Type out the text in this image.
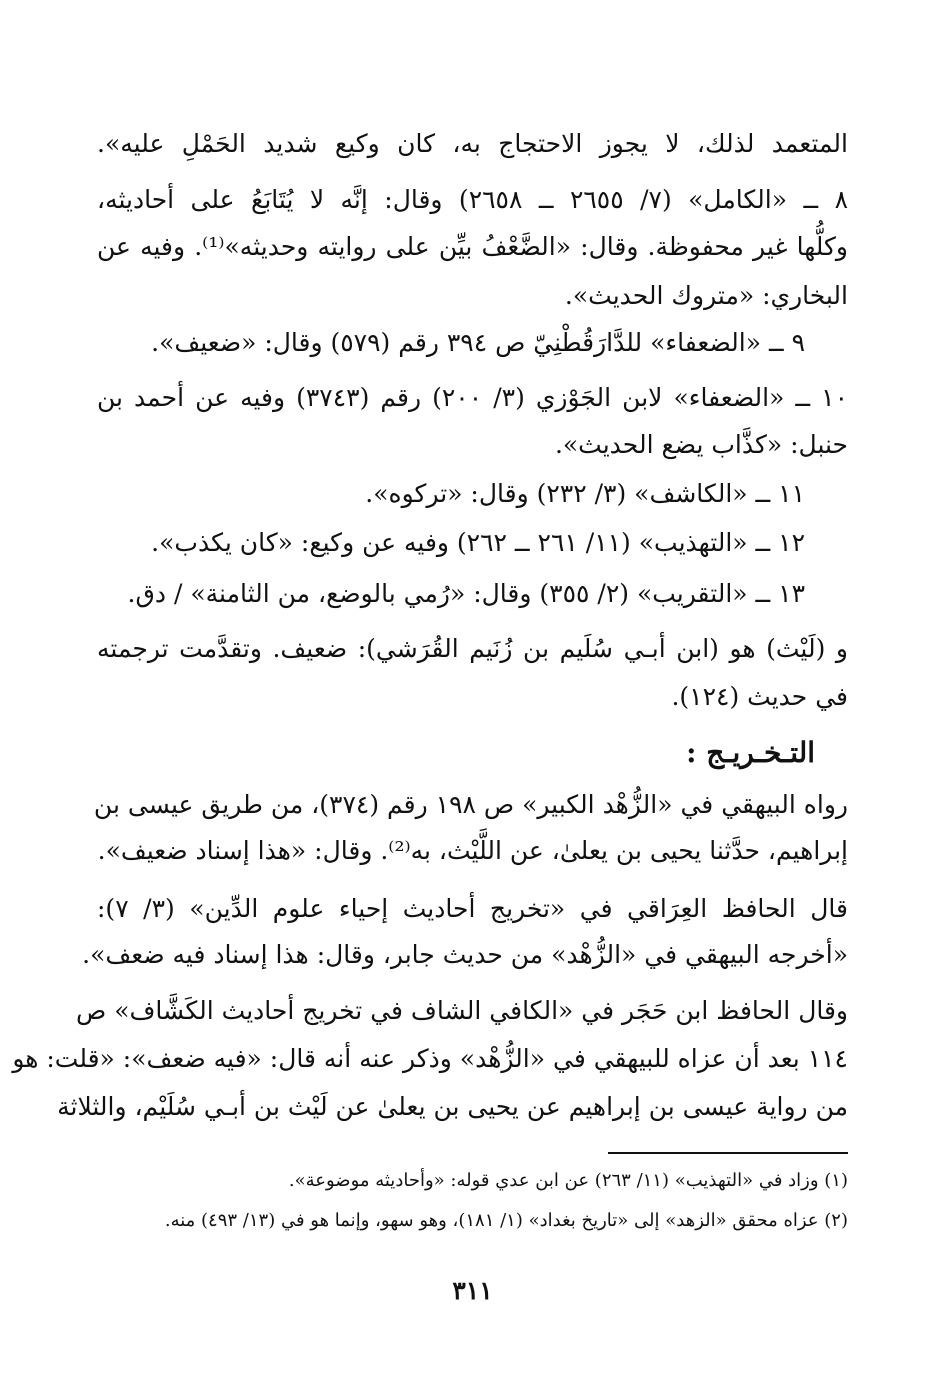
المتعمد لذلك، لا يجوز الاحتجاج به، كان وكيع شديد الحَمْلِ عليه».
٨ ــ «الكامل» (٧/ ٢٦٥٥ ــ ٢٦٥٨) وقال: إنَّه لا يُتَابَعُ على أحاديثه،
وكلُّها غير محفوظة. وقال: «الضَّعْفُ بيِّن على روايته وحديثه»⁽¹⁾. وفيه عن
البخاري: «متروك الحديث».
٩ ــ «الضعفاء» للدَّارَقُطْنِيّ ص ٣٩٤ رقم (٥٧٩) وقال: «ضعيف».
١٠ ــ «الضعفاء» لابن الجَوْزي (٣/ ٢٠٠) رقم (٣٧٤٣) وفيه عن أحمد بن
حنبل: «كذَّاب يضع الحديث».
١١ ــ «الكاشف» (٣/ ٢٣٢) وقال: «تركوه».
١٢ ــ «التهذيب» (١١/ ٢٦١ ــ ٢٦٢) وفيه عن وكيع: «كان يكذب».
١٣ ــ «التقريب» (٢/ ٣٥٥) وقال: «رُمي بالوضع، من الثامنة» / دق.
و (لَيْث) هو (ابن أبـي سُلَيم بن زُنَيم القُرَشي): ضعيف. وتقدَّمت ترجمته
في حديث (١٢٤).
التـخـريـج :
رواه البيهقي في «الزُّهْد الكبير» ص ١٩٨ رقم (٣٧٤)، من طريق عيسى بن
إبراهيم، حدَّثنا يحيى بن يعلىٰ، عن اللَّيْث، به⁽²⁾. وقال: «هذا إسناد ضعيف».
قال الحافظ العِرَاقي في «تخريج أحاديث إحياء علوم الدِّين» (٣/ ٧):
«أخرجه البيهقي في «الزُّهْد» من حديث جابر، وقال: هذا إسناد فيه ضعف».
وقال الحافظ ابن حَجَر في «الكافي الشاف في تخريج أحاديث الكَشَّاف» ص
١١٤ بعد أن عزاه للبيهقي في «الزُّهْد» وذكر عنه أنه قال: «فيه ضعف»: «قلت: هو
من رواية عيسى بن إبراهيم عن يحيى بن يعلىٰ عن لَيْث بن أبـي سُلَيْم، والثلاثة
(١) وزاد في «التهذيب» (١١/ ٢٦٣) عن ابن عدي قوله: «وأحاديثه موضوعة».
(٢) عزاه محقق «الزهد» إلى «تاريخ بغداد» (١/ ١٨١)، وهو سهو، وإنما هو في (١٣/ ٤٩٣) منه.
٣١١
